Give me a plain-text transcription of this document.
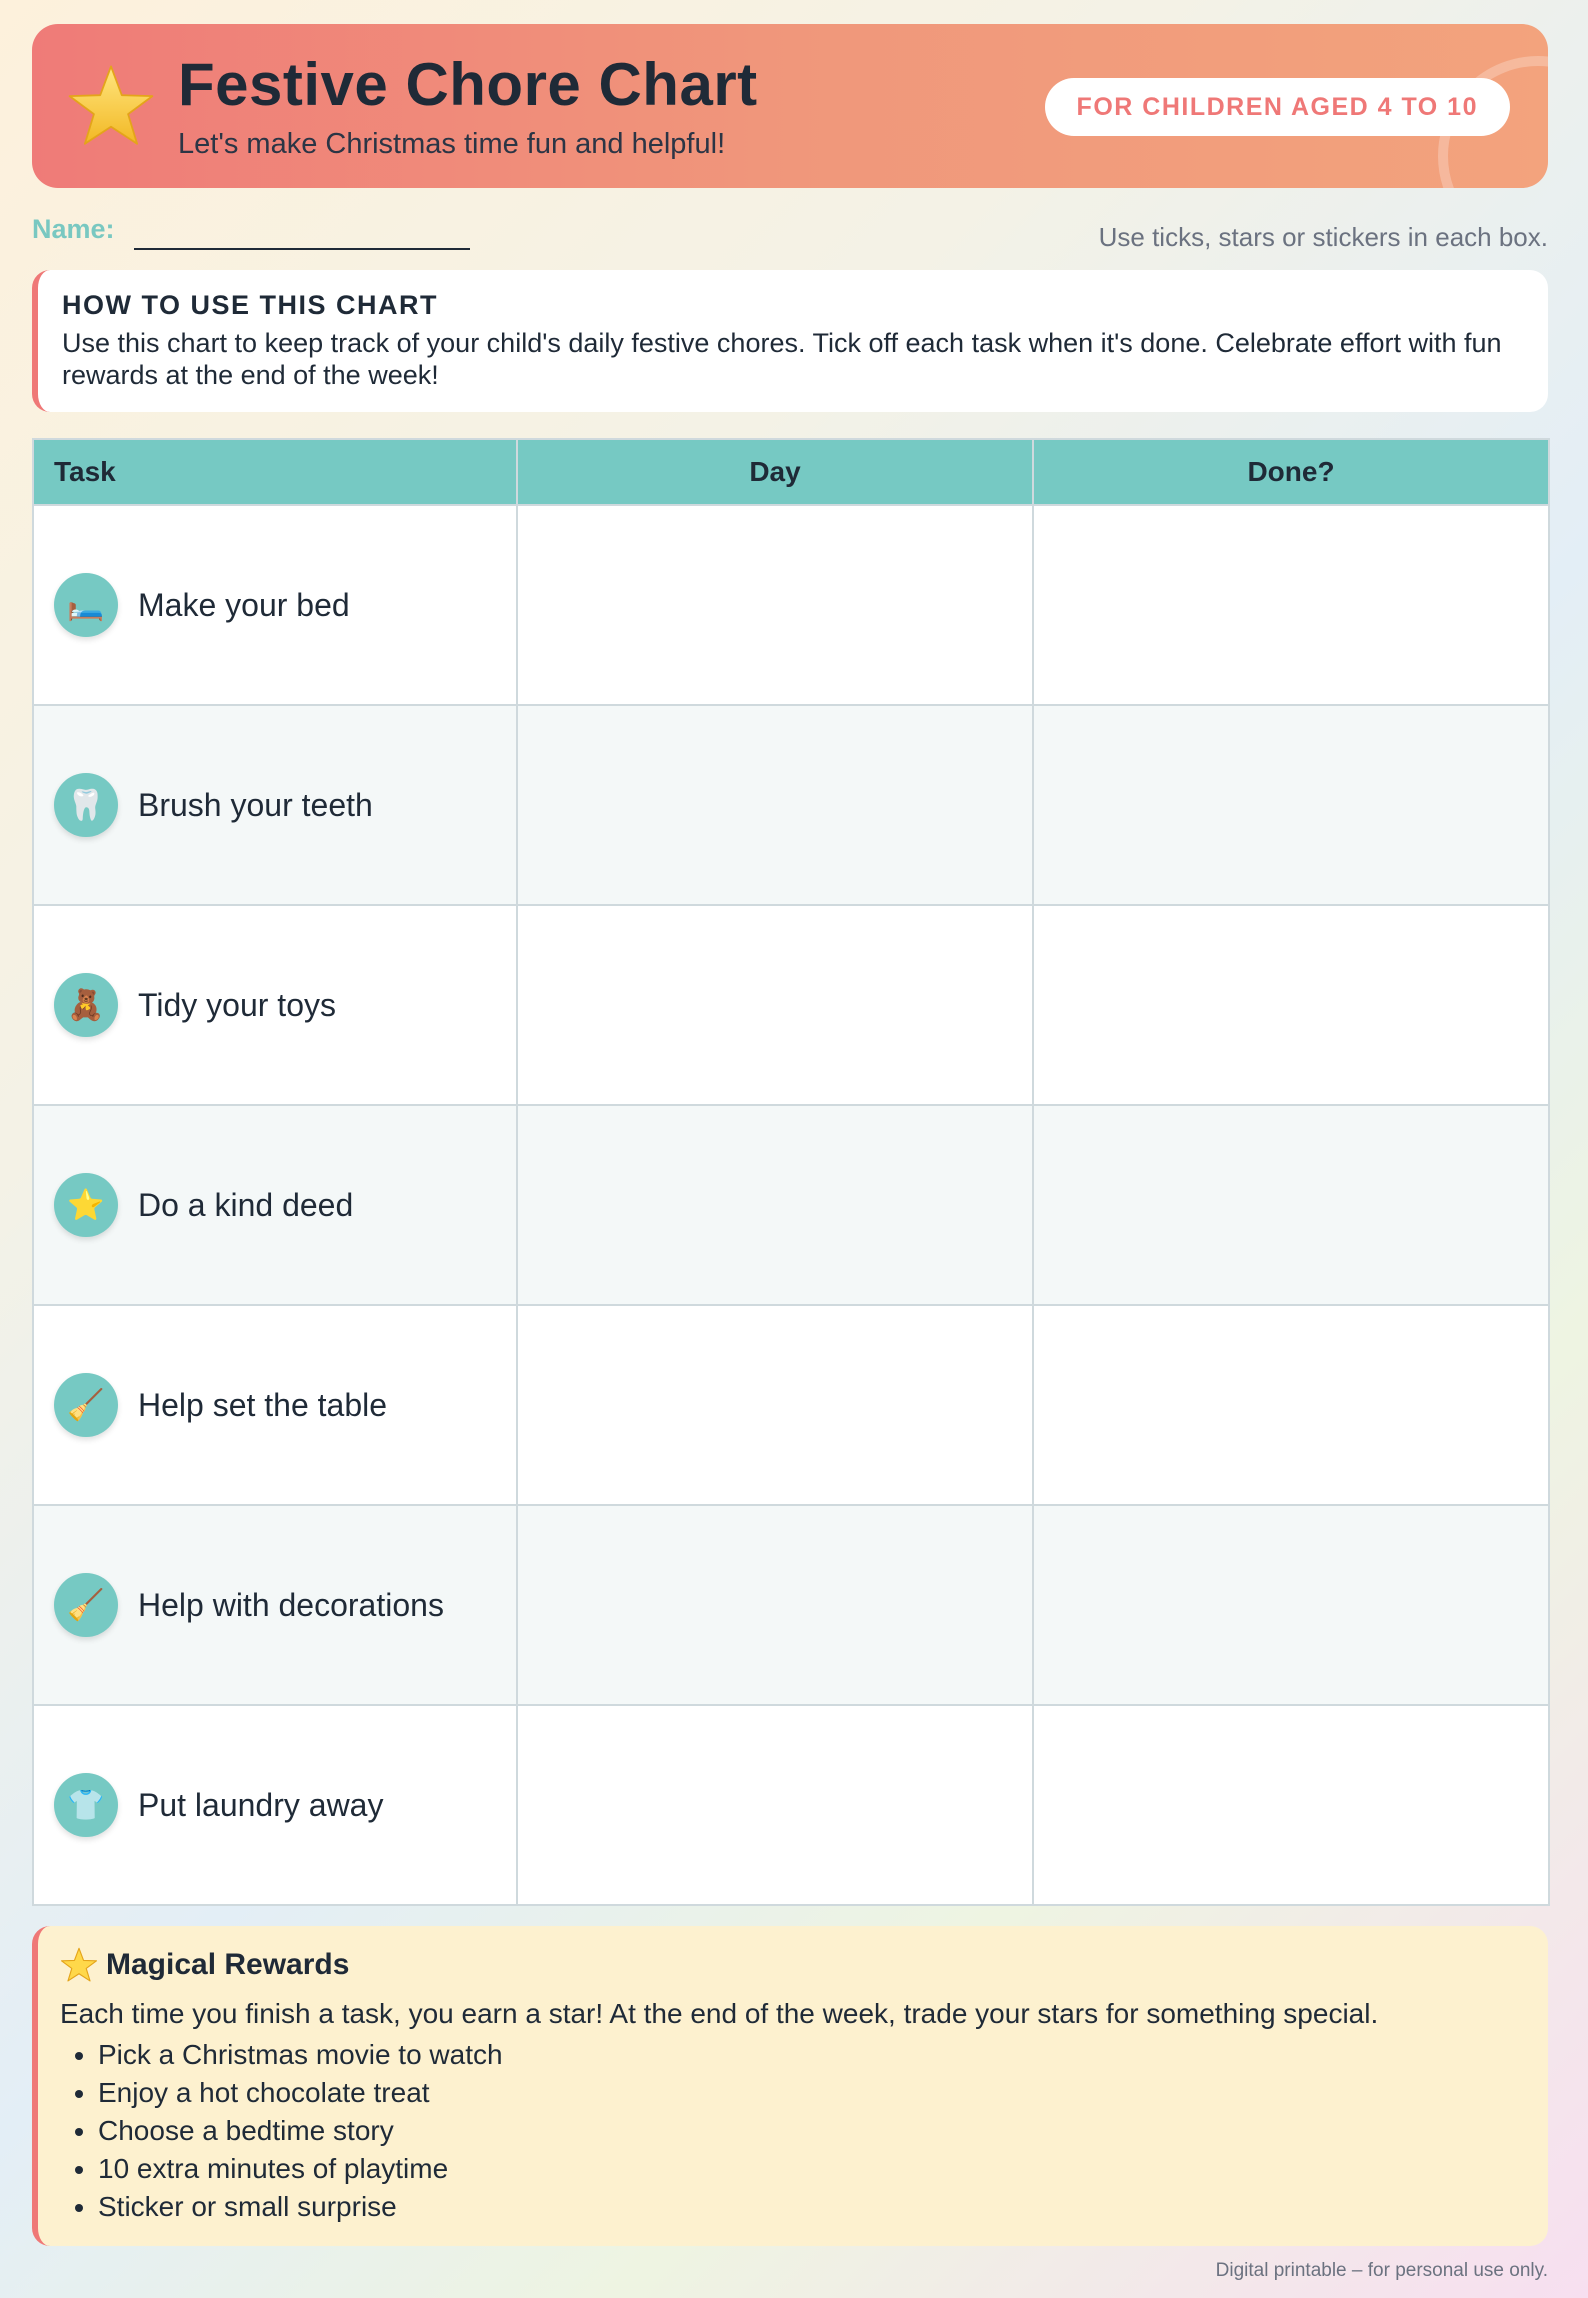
Festive Chore Chart
Let's make Christmas time fun and helpful!
FOR CHILDREN AGED 4 TO 10
Name:	Use ticks, stars or stickers in each box.
HOW TO USE THIS CHART
Use this chart to keep track of your child's daily festive chores. Tick off each task when it's done. Celebrate effort with fun rewards at the end of the week!
Task	Day	Done?

🛏️ Make your bed		

🦷 Brush your teeth		

🧸 Tidy your toys		

⭐ Do a kind deed		

🧹 Help set the table		

🧹 Help with decorations		

👕 Put laundry away		

Magical Rewards
Each time you finish a task, you earn a star! At the end of the week, trade your stars for something special.
• Pick a Christmas movie to watch
• Enjoy a hot chocolate treat
• Choose a bedtime story
• 10 extra minutes of playtime
• Sticker or small surprise
Digital printable – for personal use only.
